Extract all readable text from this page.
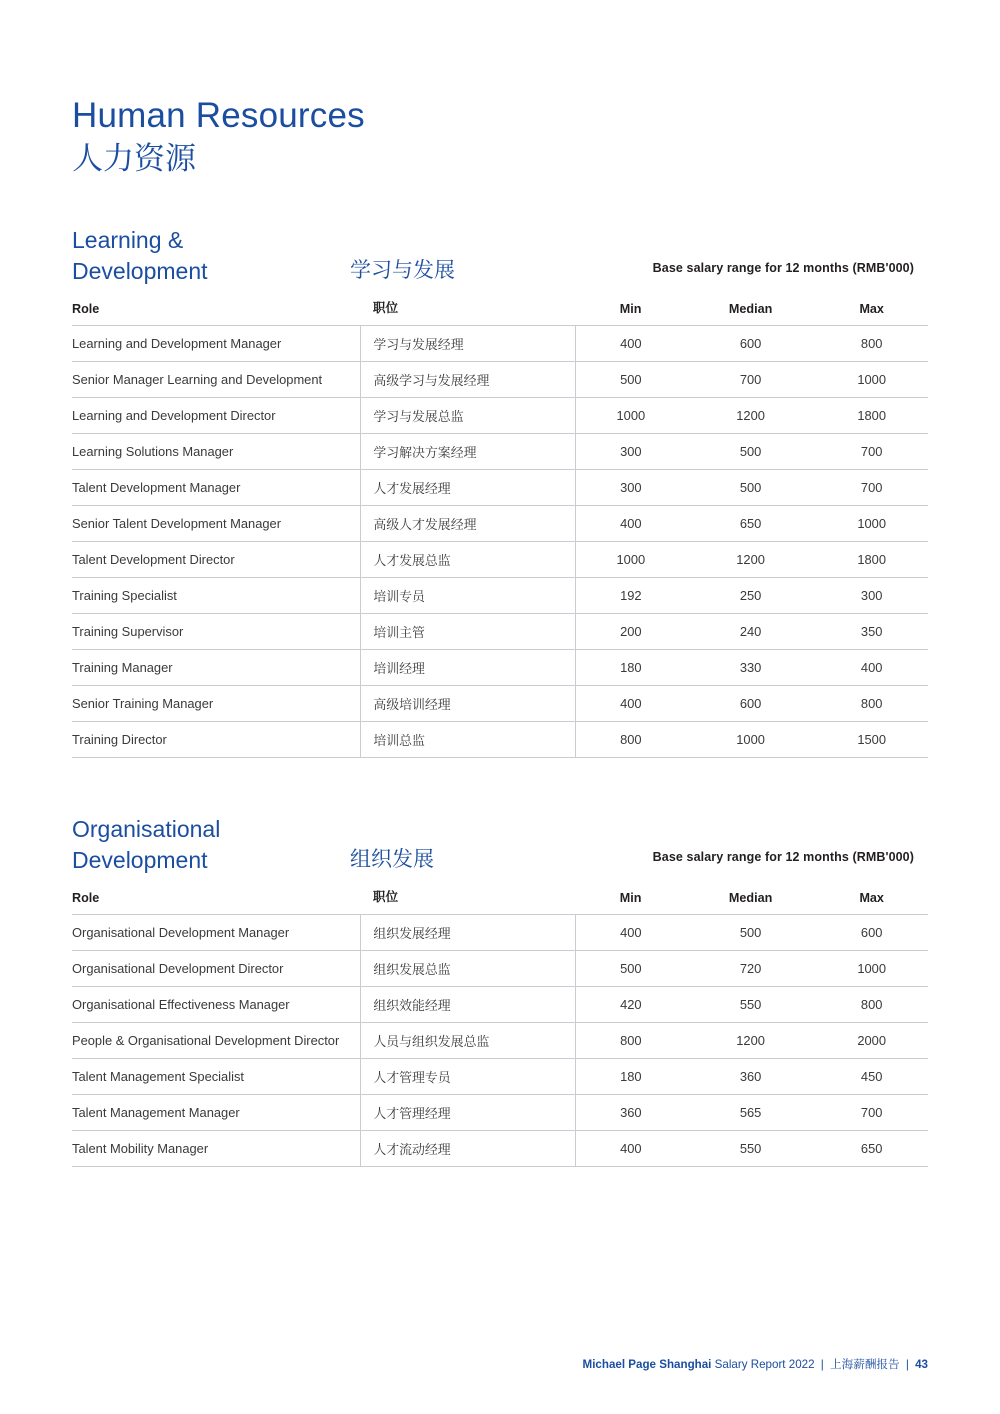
Human Resources
人力资源
Learning &
Development	学习与发展	Base salary range for 12 months (RMB'000)
Role	职位	Min	Median	Max
Learning and Development Manager	学习与发展经理	400	600	800
Senior Manager Learning and Development	高级学习与发展经理	500	700	1000
Learning and Development Director	学习与发展总监	1000	1200	1800
Learning Solutions Manager	学习解决方案经理	300	500	700
Talent Development Manager	人才发展经理	300	500	700
Senior Talent Development Manager	高级人才发展经理	400	650	1000
Talent Development Director	人才发展总监	1000	1200	1800
Training Specialist	培训专员	192	250	300
Training Supervisor	培训主管	200	240	350
Training Manager	培训经理	180	330	400
Senior Training Manager	高级培训经理	400	600	800
Training Director	培训总监	800	1000	1500
Organisational
Development	组织发展	Base salary range for 12 months (RMB'000)
Role	职位	Min	Median	Max
Organisational Development Manager	组织发展经理	400	500	600
Organisational Development Director	组织发展总监	500	720	1000
Organisational Effectiveness Manager	组织效能经理	420	550	800
People & Organisational Development Director	人员与组织发展总监	800	1200	2000
Talent Management Specialist	人才管理专员	180	360	450
Talent Management Manager	人才管理经理	360	565	700
Talent Mobility Manager	人才流动经理	400	550	650
Michael Page Shanghai Salary Report 2022 | 上海薪酬报告 | 43
